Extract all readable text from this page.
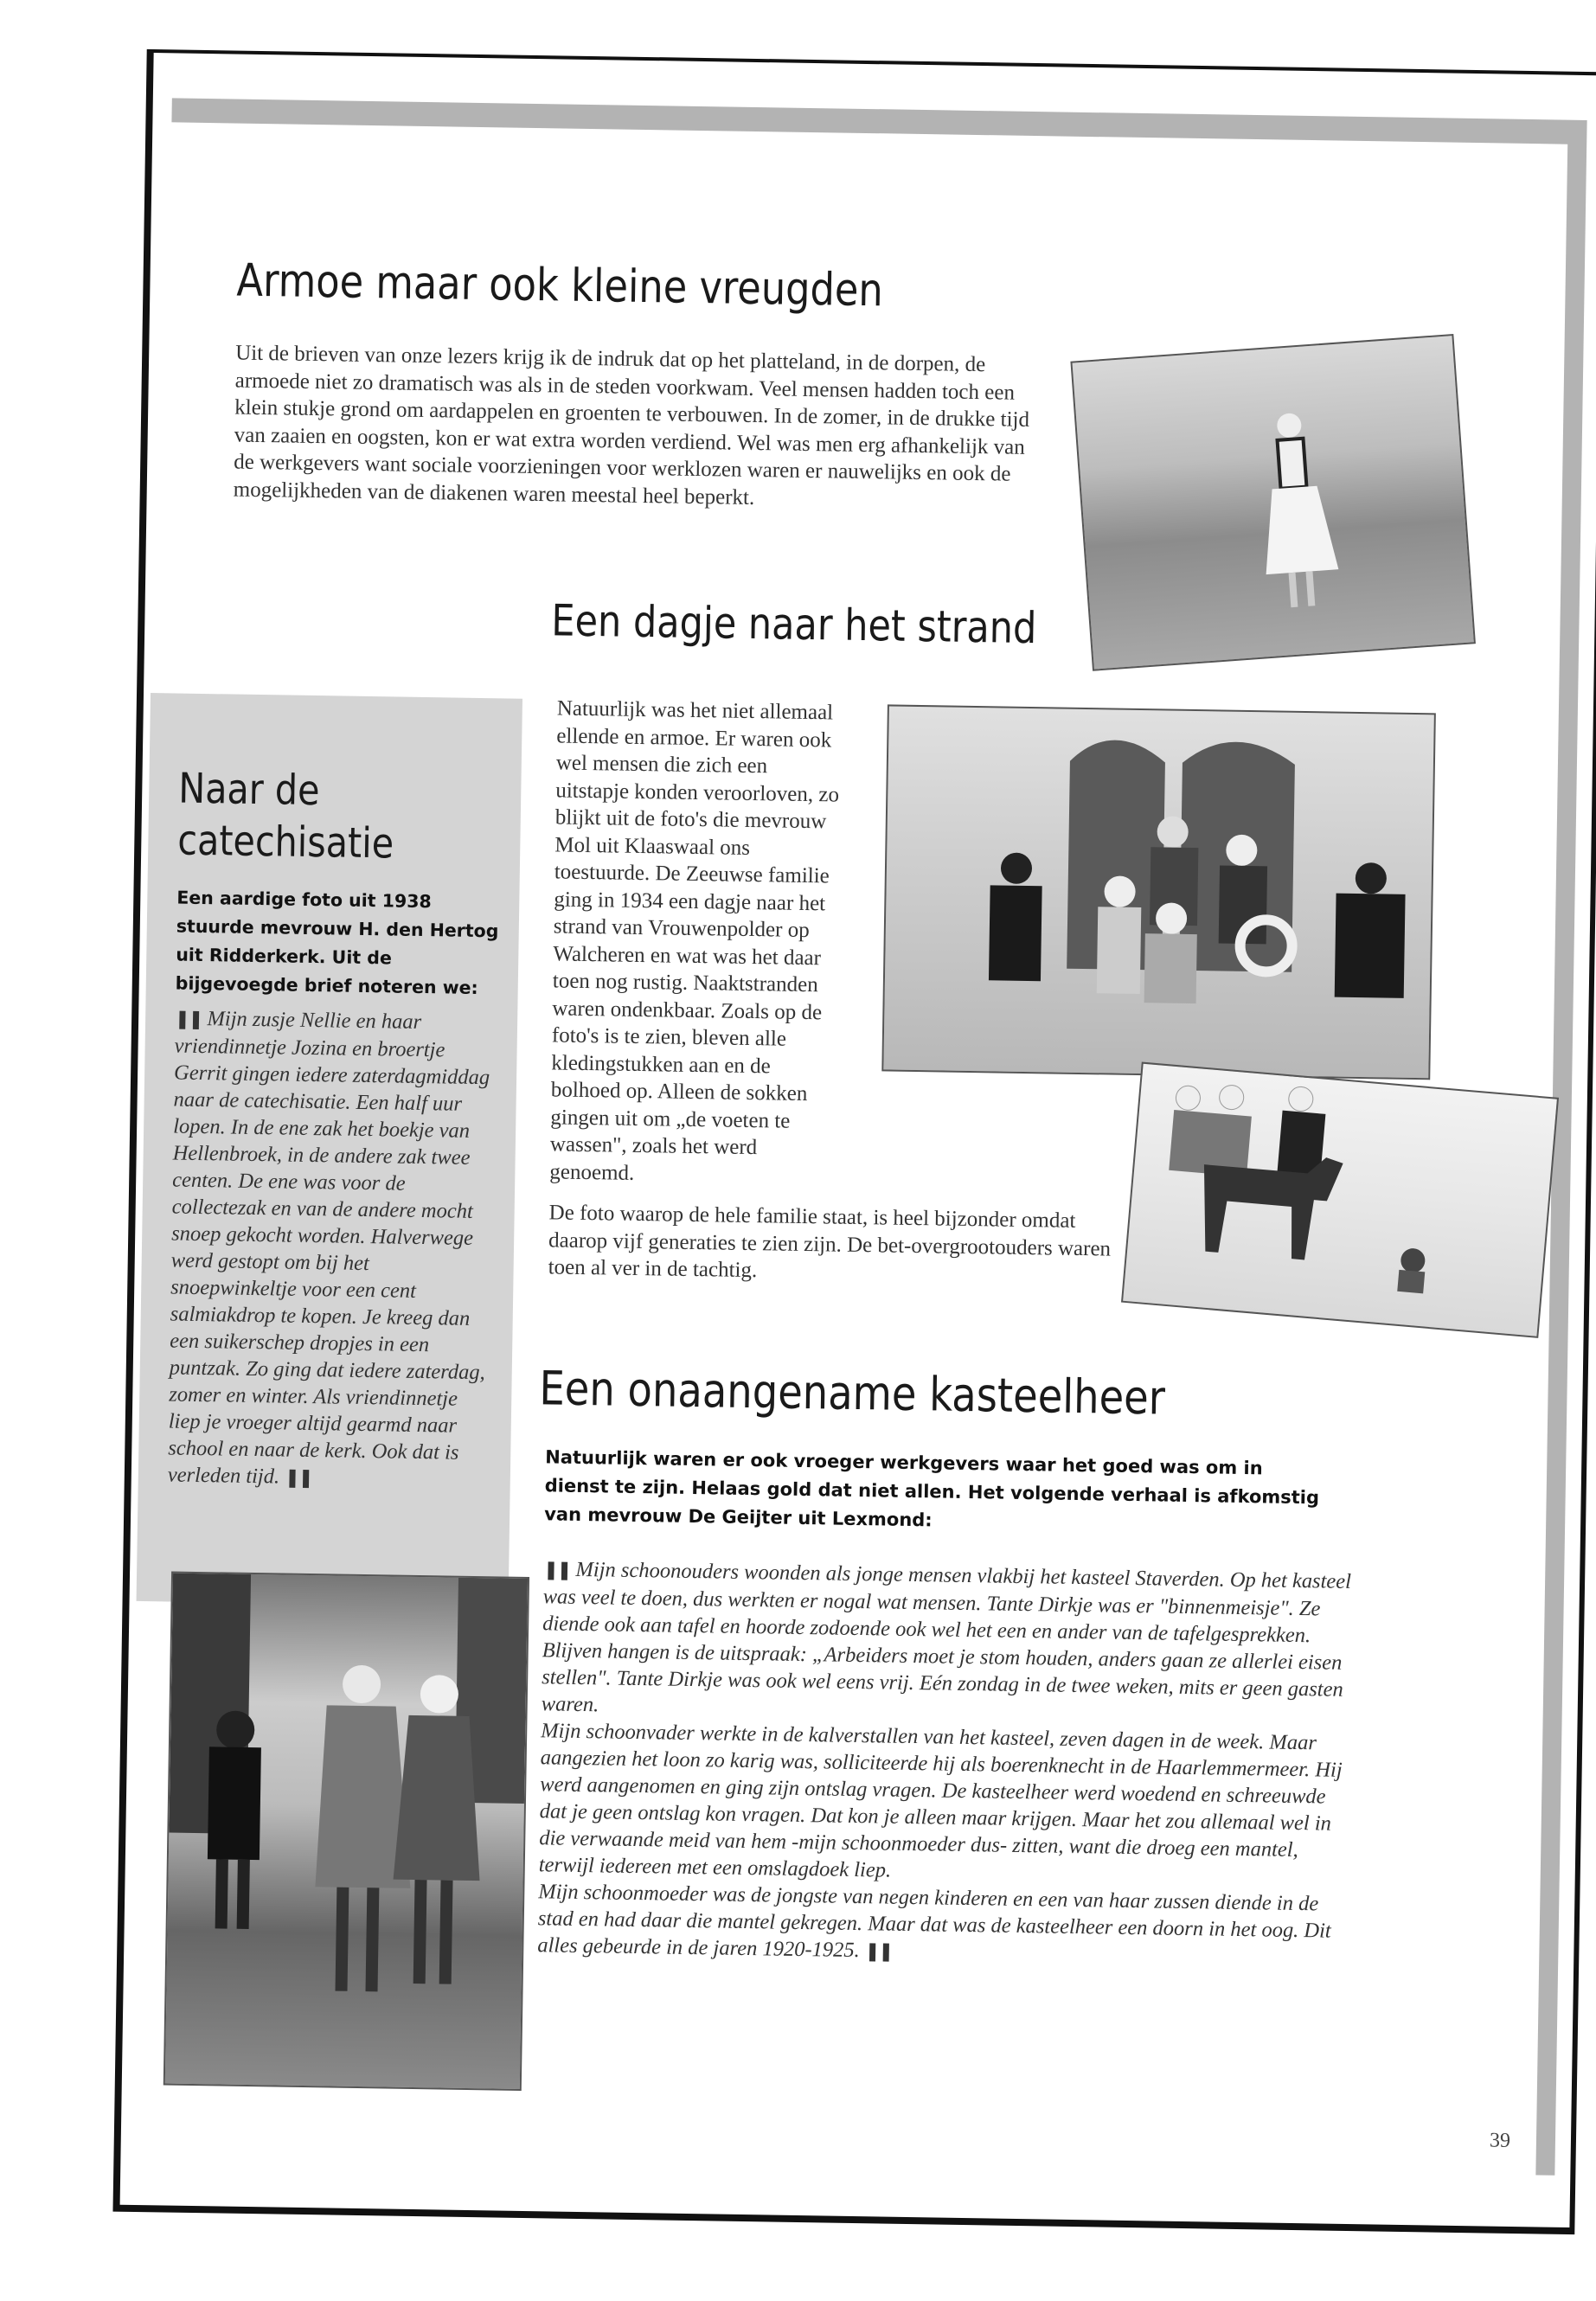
Armoe maar ook kleine vreugden

Uit de brieven van onze lezers krijg ik de indruk dat op het platteland, in de dorpen, de armoede niet zo dramatisch was als in de steden voorkwam. Veel mensen hadden toch een klein stukje grond om aardappelen en groenten te verbouwen. In de zomer, in de drukke tijd van zaaien en oogsten, kon er wat extra worden verdiend. Wel was men erg afhankelijk van de werkgevers want sociale voorzieningen voor werklozen waren er nauwelijks en ook de mogelijkheden van de diakenen waren meestal heel beperkt.

Naar de
catechisatie

Een aardige foto uit 1938 stuurde mevrouw H. den Hertog uit Ridderkerk. Uit de bijgevoegde brief noteren we:

❚❚ Mijn zusje Nellie en haar vriendinnetje Jozina en broertje Gerrit gingen iedere zaterdagmiddag naar de catechisatie. Een half uur lopen. In de ene zak het boekje van Hellenbroek, in de andere zak twee centen. De ene was voor de collectezak en van de andere mocht snoep gekocht worden. Halverwege werd gestopt om bij het snoepwinkeltje voor een cent salmiakdrop te kopen. Je kreeg dan een suikerschep dropjes in een puntzak. Zo ging dat iedere zaterdag, zomer en winter. Als vriendinnetje liep je vroeger altijd gearmd naar school en naar de kerk. Ook dat is verleden tijd. ❚❚

Een dagje naar het strand

Natuurlijk was het niet allemaal ellende en armoe. Er waren ook wel mensen die zich een uitstapje konden veroorloven, zo blijkt uit de foto's die mevrouw Mol uit Klaaswaal ons toestuurde. De Zeeuwse familie ging in 1934 een dagje naar het strand van Vrouwenpolder op Walcheren en wat was het daar toen nog rustig. Naaktstranden waren ondenkbaar. Zoals op de foto's is te zien, bleven alle kledingstukken aan en de bolhoed op. Alleen de sokken gingen uit om „de voeten te wassen", zoals het werd genoemd.

De foto waarop de hele familie staat, is heel bijzonder omdat daarop vijf generaties te zien zijn. De bet-overgrootouders waren toen al ver in de tachtig.

Een onaangename kasteelheer

Natuurlijk waren er ook vroeger werkgevers waar het goed was om in dienst te zijn. Helaas gold dat niet allen. Het volgende verhaal is afkomstig van mevrouw De Geijter uit Lexmond:

❚❚ Mijn schoonouders woonden als jonge mensen vlakbij het kasteel Staverden. Op het kasteel was veel te doen, dus werkten er nogal wat mensen. Tante Dirkje was er "binnenmeisje". Ze diende ook aan tafel en hoorde zodoende ook wel het een en ander van de tafelgesprekken. Blijven hangen is de uitspraak: „Arbeiders moet je stom houden, anders gaan ze allerlei eisen stellen". Tante Dirkje was ook wel eens vrij. Eén zondag in de twee weken, mits er geen gasten waren.

Mijn schoonvader werkte in de kalverstallen van het kasteel, zeven dagen in de week. Maar aangezien het loon zo karig was, solliciteerde hij als boerenknecht in de Haarlemmermeer. Hij werd aangenomen en ging zijn ontslag vragen. De kasteelheer werd woedend en schreeuwde dat je geen ontslag kon vragen. Dat kon je alleen maar krijgen. Maar het zou allemaal wel in die verwaande meid van hem -mijn schoonmoeder dus- zitten, want die droeg een mantel, terwijl iedereen met een omslagdoek liep.

Mijn schoonmoeder was de jongste van negen kinderen en een van haar zussen diende in de stad en had daar die mantel gekregen. Maar dat was de kasteelheer een doorn in het oog. Dit alles gebeurde in de jaren 1920-1925. ❚❚

39
